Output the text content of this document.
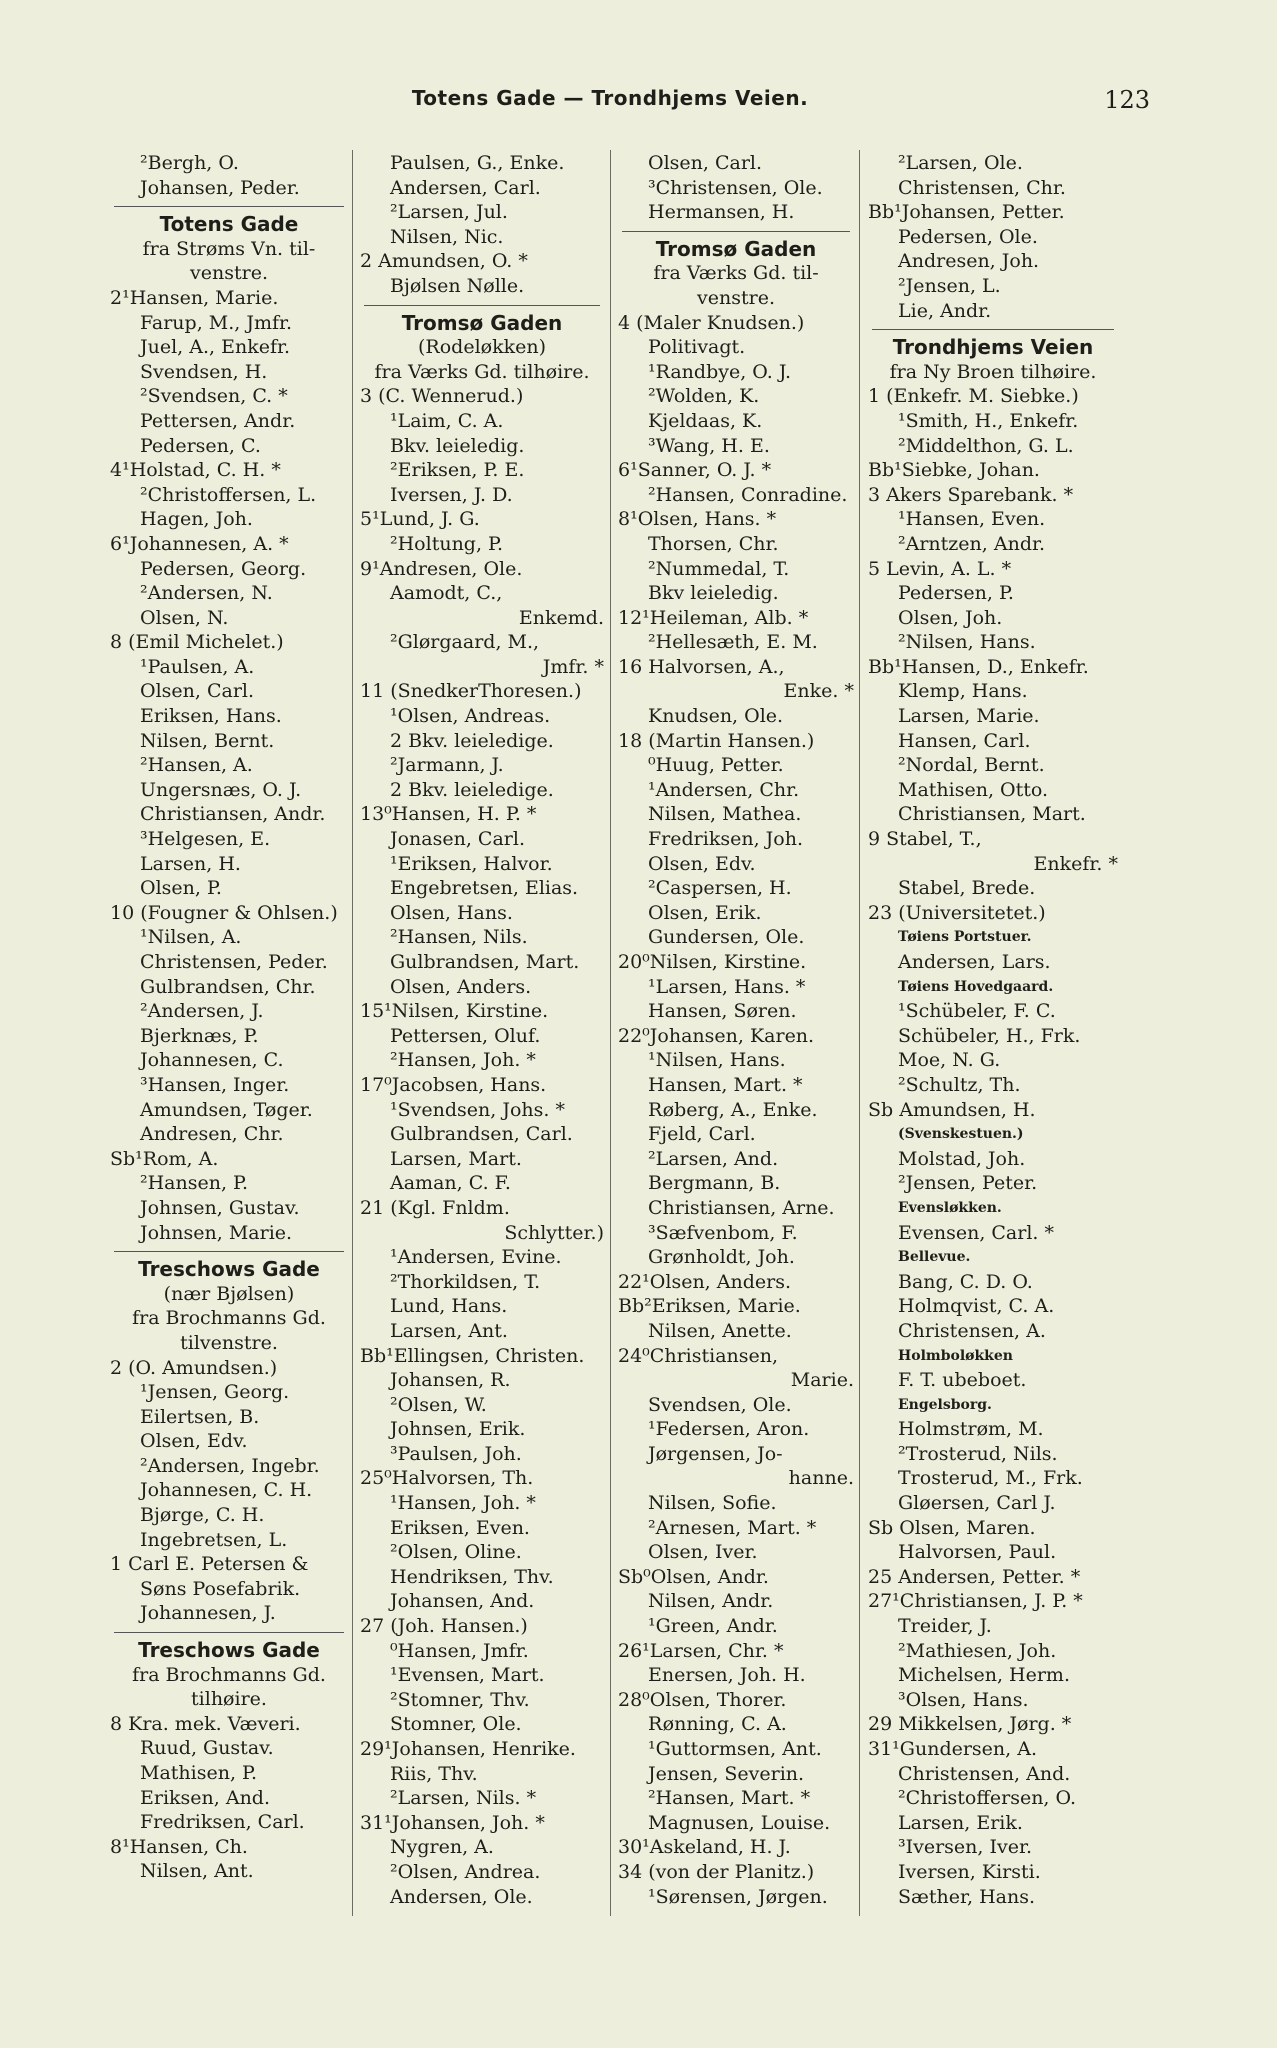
Totens Gade — Trondhjems Veien.	123
²Bergh, O.
Johansen, Peder.
Totens Gade
fra Strøms Vn. til-
venstre.
2¹Hansen, Marie.
Farup, M., Jmfr.
Juel, A., Enkefr.
Svendsen, H.
²Svendsen, C. *
Pettersen, Andr.
Pedersen, C.
4¹Holstad, C. H. *
²Christoffersen, L.
Hagen, Joh.
6¹Johannesen, A. *
Pedersen, Georg.
²Andersen, N.
Olsen, N.
8 (Emil Michelet.)
¹Paulsen, A.
Olsen, Carl.
Eriksen, Hans.
Nilsen, Bernt.
²Hansen, A.
Ungersnæs, O. J.
Christiansen, Andr.
³Helgesen, E.
Larsen, H.
Olsen, P.
10 (Fougner & Ohlsen.)
¹Nilsen, A.
Christensen, Peder.
Gulbrandsen, Chr.
²Andersen, J.
Bjerknæs, P.
Johannesen, C.
³Hansen, Inger.
Amundsen, Tøger.
Andresen, Chr.
Sb¹Rom, A.
²Hansen, P.
Johnsen, Gustav.
Johnsen, Marie.
Treschows Gade
(nær Bjølsen)
fra Brochmanns Gd.
tilvenstre.
2 (O. Amundsen.)
¹Jensen, Georg.
Eilertsen, B.
Olsen, Edv.
²Andersen, Ingebr.
Johannesen, C. H.
Bjørge, C. H.
Ingebretsen, L.
1 Carl E. Petersen &
Søns Posefabrik.
Johannesen, J.
Treschows Gade
fra Brochmanns Gd.
tilhøire.
8 Kra. mek. Væveri.
Ruud, Gustav.
Mathisen, P.
Eriksen, And.
Fredriksen, Carl.
8¹Hansen, Ch.
Nilsen, Ant.
Paulsen, G., Enke.
Andersen, Carl.
²Larsen, Jul.
Nilsen, Nic.
2 Amundsen, O. *
Bjølsen Nølle.
Tromsø Gaden
(Rodeløkken)
fra Værks Gd. tilhøire.
3 (C. Wennerud.)
¹Laim, C. A.
Bkv. leieledig.
²Eriksen, P. E.
Iversen, J. D.
5¹Lund, J. G.
²Holtung, P.
9¹Andresen, Ole.
Aamodt, C.,
Enkemd.
²Glørgaard, M.,
Jmfr. *
11 (SnedkerThoresen.)
¹Olsen, Andreas.
2 Bkv. leieledige.
²Jarmann, J.
2 Bkv. leieledige.
13⁰Hansen, H. P. *
Jonasen, Carl.
¹Eriksen, Halvor.
Engebretsen, Elias.
Olsen, Hans.
²Hansen, Nils.
Gulbrandsen, Mart.
Olsen, Anders.
15¹Nilsen, Kirstine.
Pettersen, Oluf.
²Hansen, Joh. *
17⁰Jacobsen, Hans.
¹Svendsen, Johs. *
Gulbrandsen, Carl.
Larsen, Mart.
Aaman, C. F.
21 (Kgl. Fnldm.
Schlytter.)
¹Andersen, Evine.
²Thorkildsen, T.
Lund, Hans.
Larsen, Ant.
Bb¹Ellingsen, Christen.
Johansen, R.
²Olsen, W.
Johnsen, Erik.
³Paulsen, Joh.
25⁰Halvorsen, Th.
¹Hansen, Joh. *
Eriksen, Even.
²Olsen, Oline.
Hendriksen, Thv.
Johansen, And.
27 (Joh. Hansen.)
⁰Hansen, Jmfr.
¹Evensen, Mart.
²Stomner, Thv.
Stomner, Ole.
29¹Johansen, Henrike.
Riis, Thv.
²Larsen, Nils. *
31¹Johansen, Joh. *
Nygren, A.
²Olsen, Andrea.
Andersen, Ole.
Olsen, Carl.
³Christensen, Ole.
Hermansen, H.
Tromsø Gaden
fra Værks Gd. til-
venstre.
4 (Maler Knudsen.)
Politivagt.
¹Randbye, O. J.
²Wolden, K.
Kjeldaas, K.
³Wang, H. E.
6¹Sanner, O. J. *
²Hansen, Conradine.
8¹Olsen, Hans. *
Thorsen, Chr.
²Nummedal, T.
Bkv leieledig.
12¹Heileman, Alb. *
²Hellesæth, E. M.
16 Halvorsen, A.,
Enke. *
Knudsen, Ole.
18 (Martin Hansen.)
⁰Huug, Petter.
¹Andersen, Chr.
Nilsen, Mathea.
Fredriksen, Joh.
Olsen, Edv.
²Caspersen, H.
Olsen, Erik.
Gundersen, Ole.
20⁰Nilsen, Kirstine.
¹Larsen, Hans. *
Hansen, Søren.
22⁰Johansen, Karen.
¹Nilsen, Hans.
Hansen, Mart. *
Røberg, A., Enke.
Fjeld, Carl.
²Larsen, And.
Bergmann, B.
Christiansen, Arne.
³Sæfvenbom, F.
Grønholdt, Joh.
22¹Olsen, Anders.
Bb²Eriksen, Marie.
Nilsen, Anette.
24⁰Christiansen,
Marie.
Svendsen, Ole.
¹Federsen, Aron.
Jørgensen, Jo-
hanne.
Nilsen, Sofie.
²Arnesen, Mart. *
Olsen, Iver.
Sb⁰Olsen, Andr.
Nilsen, Andr.
¹Green, Andr.
26¹Larsen, Chr. *
Enersen, Joh. H.
28⁰Olsen, Thorer.
Rønning, C. A.
¹Guttormsen, Ant.
Jensen, Severin.
²Hansen, Mart. *
Magnusen, Louise.
30¹Askeland, H. J.
34 (von der Planitz.)
¹Sørensen, Jørgen.
²Larsen, Ole.
Christensen, Chr.
Bb¹Johansen, Petter.
Pedersen, Ole.
Andresen, Joh.
²Jensen, L.
Lie, Andr.
Trondhjems Veien
fra Ny Broen tilhøire.
1 (Enkefr. M. Siebke.)
¹Smith, H., Enkefr.
²Middelthon, G. L.
Bb¹Siebke, Johan.
3 Akers Sparebank. *
¹Hansen, Even.
²Arntzen, Andr.
5 Levin, A. L. *
Pedersen, P.
Olsen, Joh.
²Nilsen, Hans.
Bb¹Hansen, D., Enkefr.
Klemp, Hans.
Larsen, Marie.
Hansen, Carl.
²Nordal, Bernt.
Mathisen, Otto.
Christiansen, Mart.
9 Stabel, T.,
Enkefr. *
Stabel, Brede.
23 (Universitetet.)
Tøiens Portstuer.
Andersen, Lars.
Tøiens Hovedgaard.
¹Schübeler, F. C.
Schübeler, H., Frk.
Moe, N. G.
²Schultz, Th.
Sb Amundsen, H.
(Svenskestuen.)
Molstad, Joh.
²Jensen, Peter.
Evensløkken.
Evensen, Carl. *
Bellevue.
Bang, C. D. O.
Holmqvist, C. A.
Christensen, A.
Holmboløkken
F. T. ubeboet.
Engelsborg.
Holmstrøm, M.
²Trosterud, Nils.
Trosterud, M., Frk.
Gløersen, Carl J.
Sb Olsen, Maren.
Halvorsen, Paul.
25 Andersen, Petter. *
27¹Christiansen, J. P. *
Treider, J.
²Mathiesen, Joh.
Michelsen, Herm.
³Olsen, Hans.
29 Mikkelsen, Jørg. *
31¹Gundersen, A.
Christensen, And.
²Christoffersen, O.
Larsen, Erik.
³Iversen, Iver.
Iversen, Kirsti.
Sæther, Hans.
